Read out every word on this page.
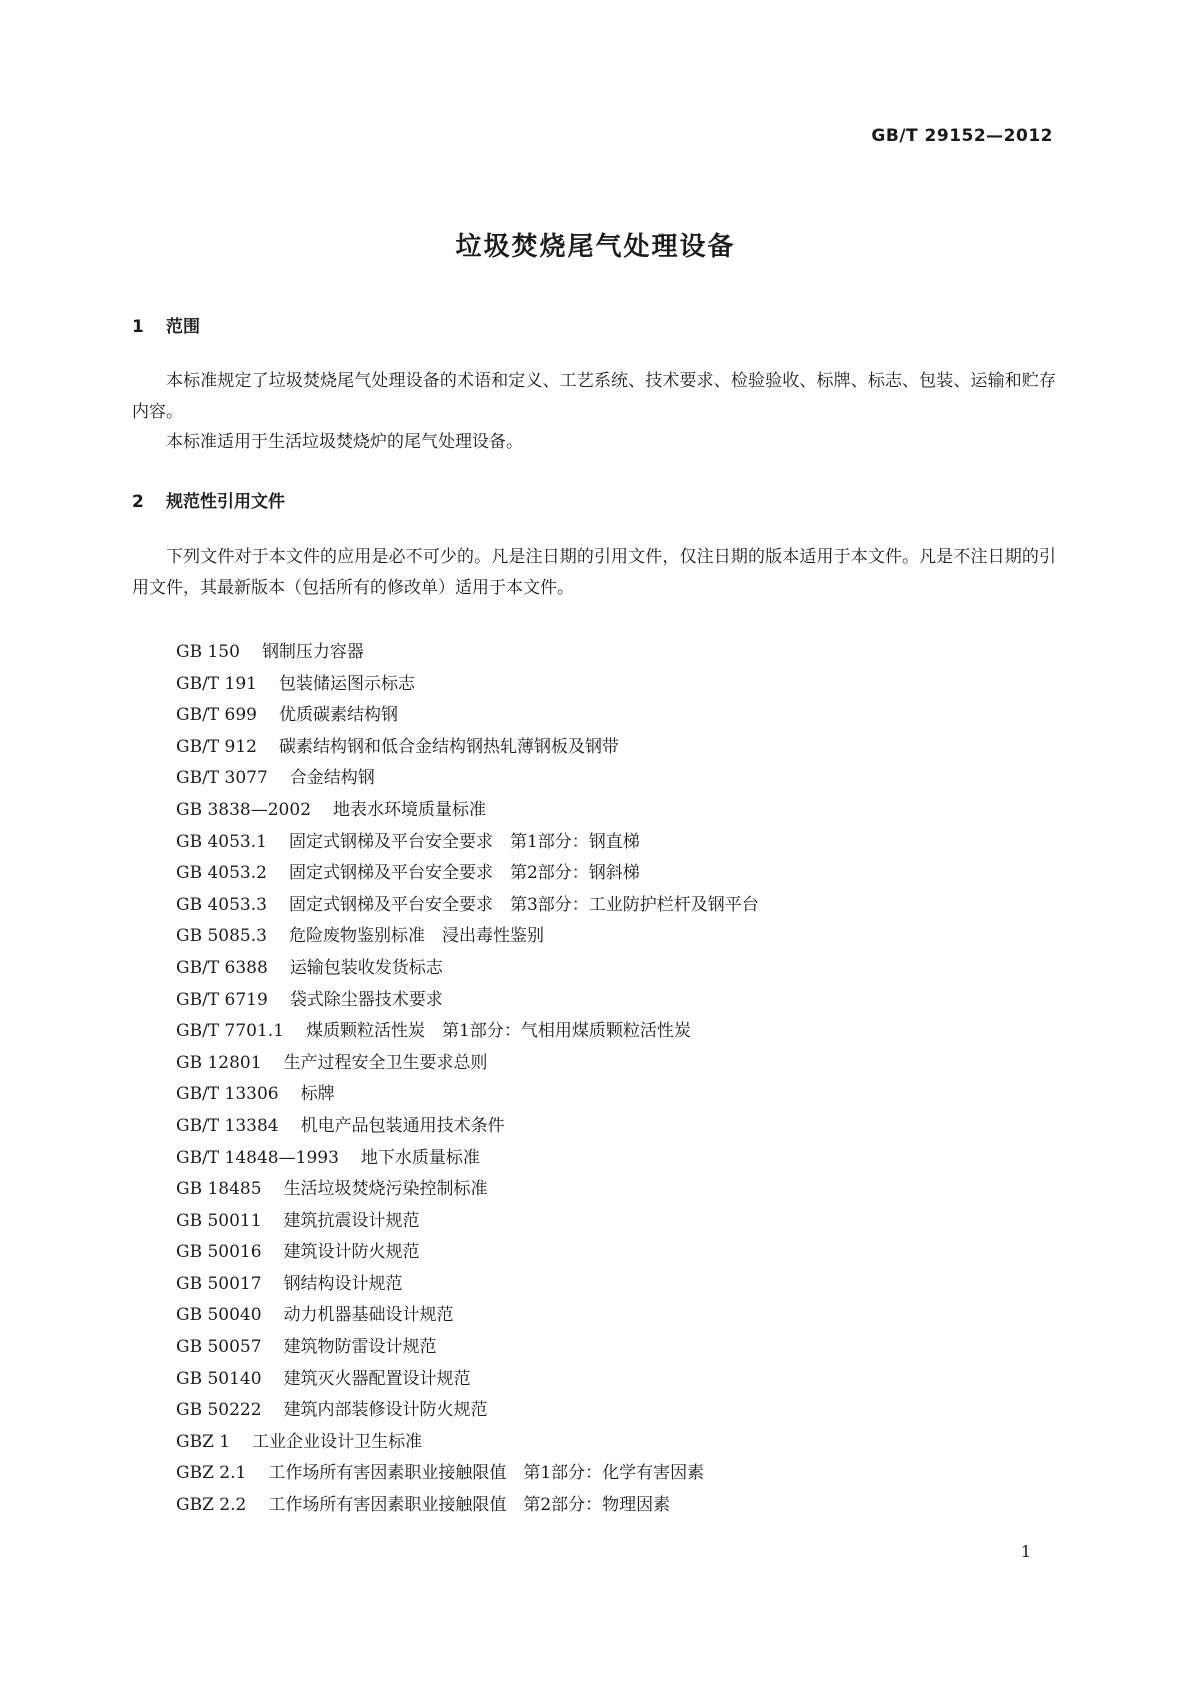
GB/T 29152—2012
垃圾焚烧尾气处理设备
1 范围

本标准规定了垃圾焚烧尾气处理设备的术语和定义、工艺系统、技术要求、检验验收、标牌、标志、包装、运输和贮存内容。

本标准适用于生活垃圾焚烧炉的尾气处理设备。

2 规范性引用文件

下列文件对于本文件的应用是必不可少的。凡是注日期的引用文件，仅注日期的版本适用于本文件。凡是不注日期的引用文件，其最新版本（包括所有的修改单）适用于本文件。

GB 150 钢制压力容器
GB/T 191 包装储运图示标志
GB/T 699 优质碳素结构钢
GB/T 912 碳素结构钢和低合金结构钢热轧薄钢板及钢带
GB/T 3077 合金结构钢
GB 3838—2002 地表水环境质量标准
GB 4053.1 固定式钢梯及平台安全要求　第1部分：钢直梯
GB 4053.2 固定式钢梯及平台安全要求　第2部分：钢斜梯
GB 4053.3 固定式钢梯及平台安全要求　第3部分：工业防护栏杆及钢平台
GB 5085.3 危险废物鉴别标准　浸出毒性鉴别
GB/T 6388 运输包装收发货标志
GB/T 6719 袋式除尘器技术要求
GB/T 7701.1 煤质颗粒活性炭　第1部分：气相用煤质颗粒活性炭
GB 12801 生产过程安全卫生要求总则
GB/T 13306 标牌
GB/T 13384 机电产品包装通用技术条件
GB/T 14848—1993 地下水质量标准
GB 18485 生活垃圾焚烧污染控制标准
GB 50011 建筑抗震设计规范
GB 50016 建筑设计防火规范
GB 50017 钢结构设计规范
GB 50040 动力机器基础设计规范
GB 50057 建筑物防雷设计规范
GB 50140 建筑灭火器配置设计规范
GB 50222 建筑内部装修设计防火规范
GBZ 1 工业企业设计卫生标准
GBZ 2.1 工作场所有害因素职业接触限值　第1部分：化学有害因素
GBZ 2.2 工作场所有害因素职业接触限值　第2部分：物理因素
1
